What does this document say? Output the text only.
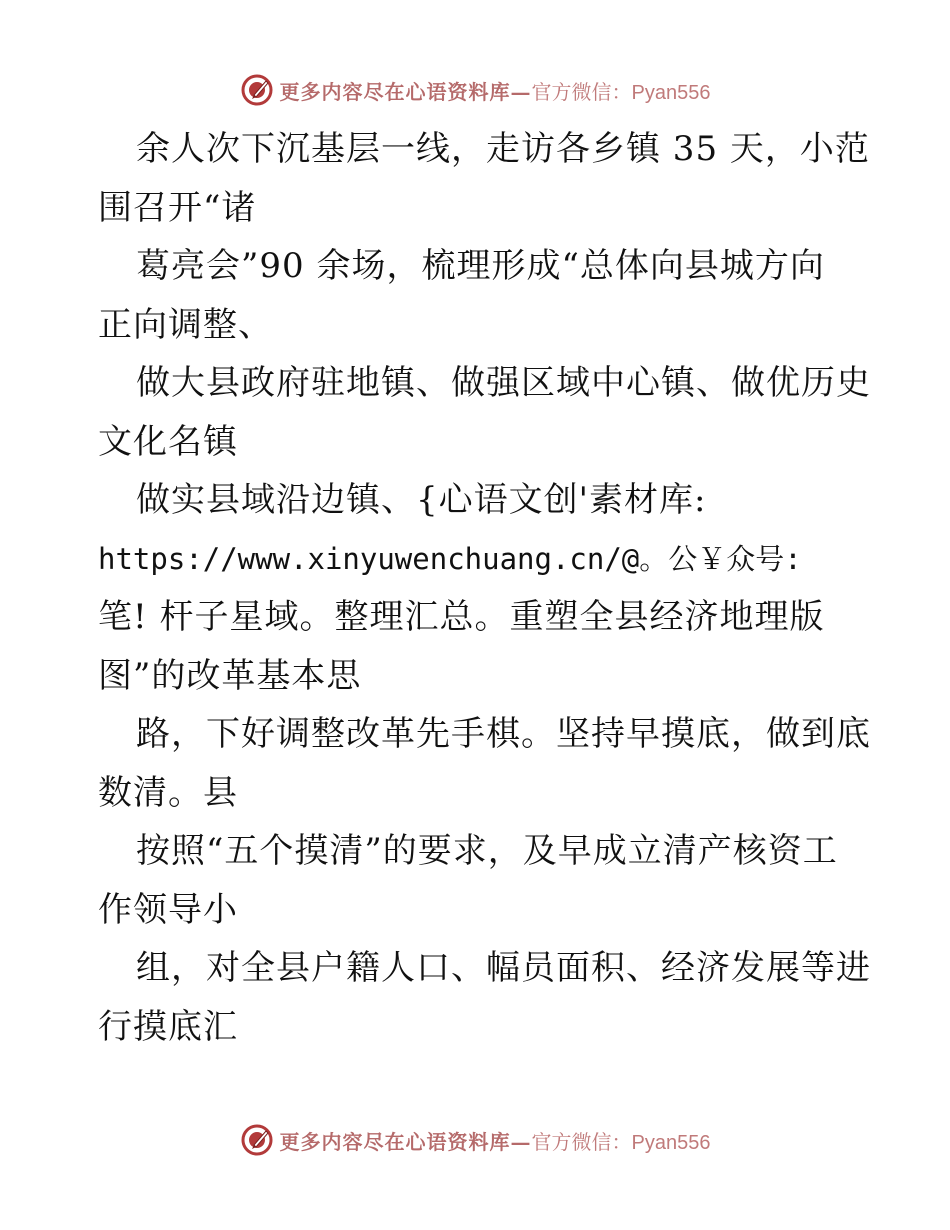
更多内容尽在心语资料库—官方微信：Pyan556
余人次下沉基层一线，走访各乡镇 35 天，小范
围召开“诸
葛亮会”90 余场，梳理形成“总体向县城方向
正向调整、
做大县政府驻地镇、做强区域中心镇、做优历史
文化名镇
做实县域沿边镇、{心语文创'素材库:
https://www.xinyuwenchuang.cn/@。公￥众号:
笔! 杆子星域。整理汇总。重塑全县经济地理版
图”的改革基本思
路，下好调整改革先手棋。坚持早摸底，做到底
数清。县
按照“五个摸清”的要求，及早成立清产核资工
作领导小
组，对全县户籍人口、幅员面积、经济发展等进
行摸底汇
更多内容尽在心语资料库—官方微信：Pyan556
